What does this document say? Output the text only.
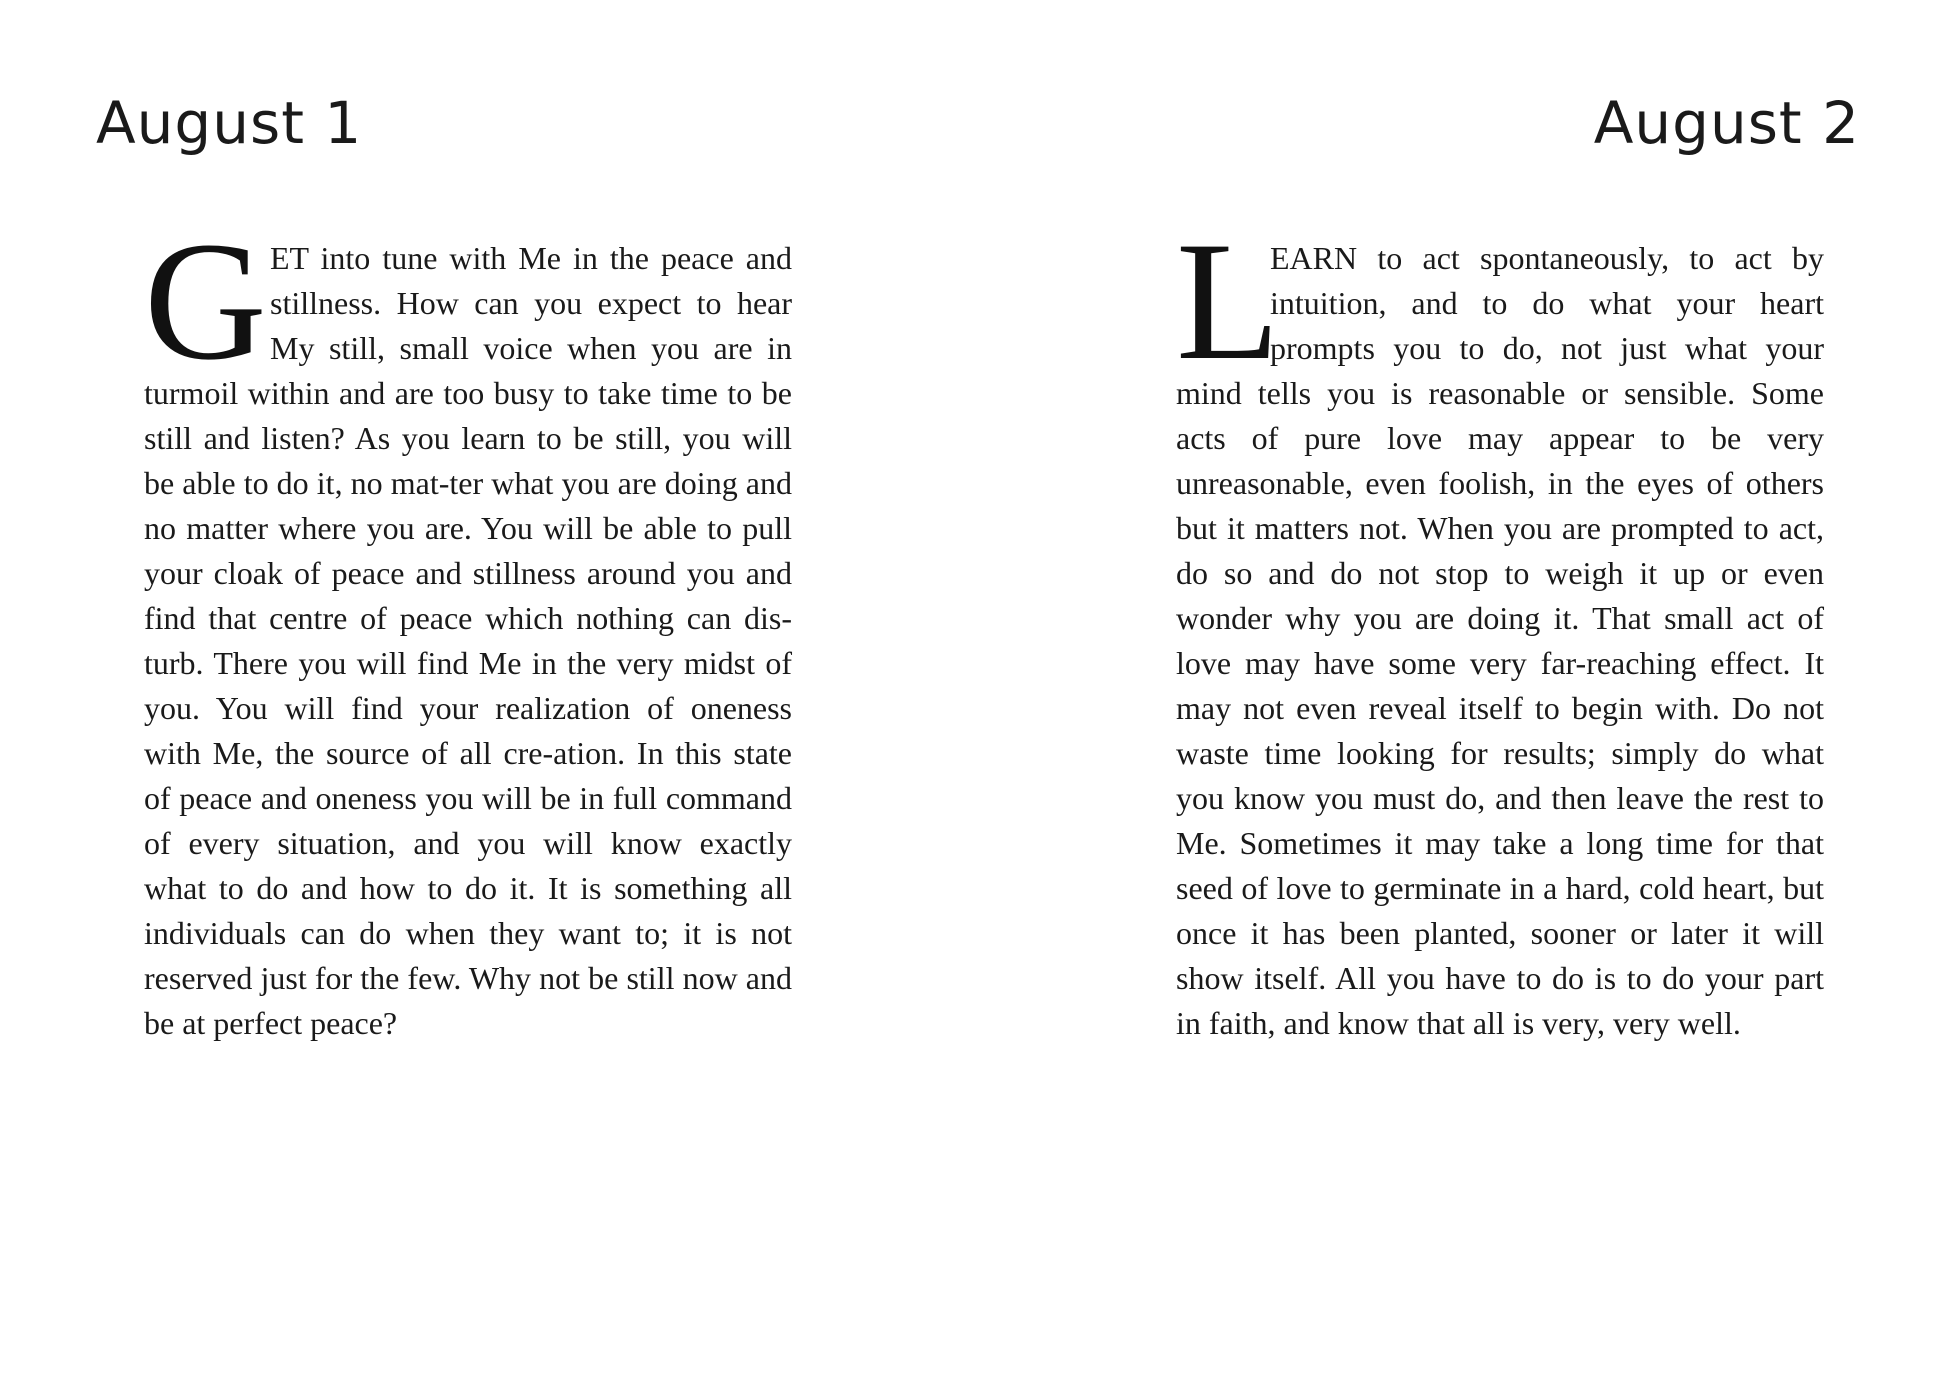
August 1
G ET into tune with Me in the peace and stillness. How can you expect to hear My still, small voice when you are in turmoil within and are too busy to take time to be still and listen? As you learn to be still, you will be able to do it, no mat-ter what you are doing and no matter where you are. You will be able to pull your cloak of peace and stillness around you and find that centre of peace which nothing can dis-turb. There you will find Me in the very midst of you. You will find your realization of oneness with Me, the source of all cre-ation. In this state of peace and oneness you will be in full command of every situation, and you will know exactly what to do and how to do it. It is something all individuals can do when they want to; it is not reserved just for the few. Why not be still now and be at perfect peace?

August 2
L

EARN to act spontaneously, to act by intuition, and to do what your heart prompts you to do, not just what your mind tells you is reasonable or sensible. Some acts of pure love may appear to be very unreasonable, even foolish, in the eyes of others but it matters not. When you are prompted to act, do so and do not stop to weigh it up or even wonder why you are doing it. That small act of love may have some very far-reaching effect. It may not even reveal itself to begin with. Do not waste time looking for results; simply do what you know you must do, and then leave the rest to Me. Sometimes it may take a long time for that seed of love to germinate in a hard, cold heart, but once it has been planted, sooner or later it will show itself. All you have to do is to do your part in faith, and know that all is very, very well.
